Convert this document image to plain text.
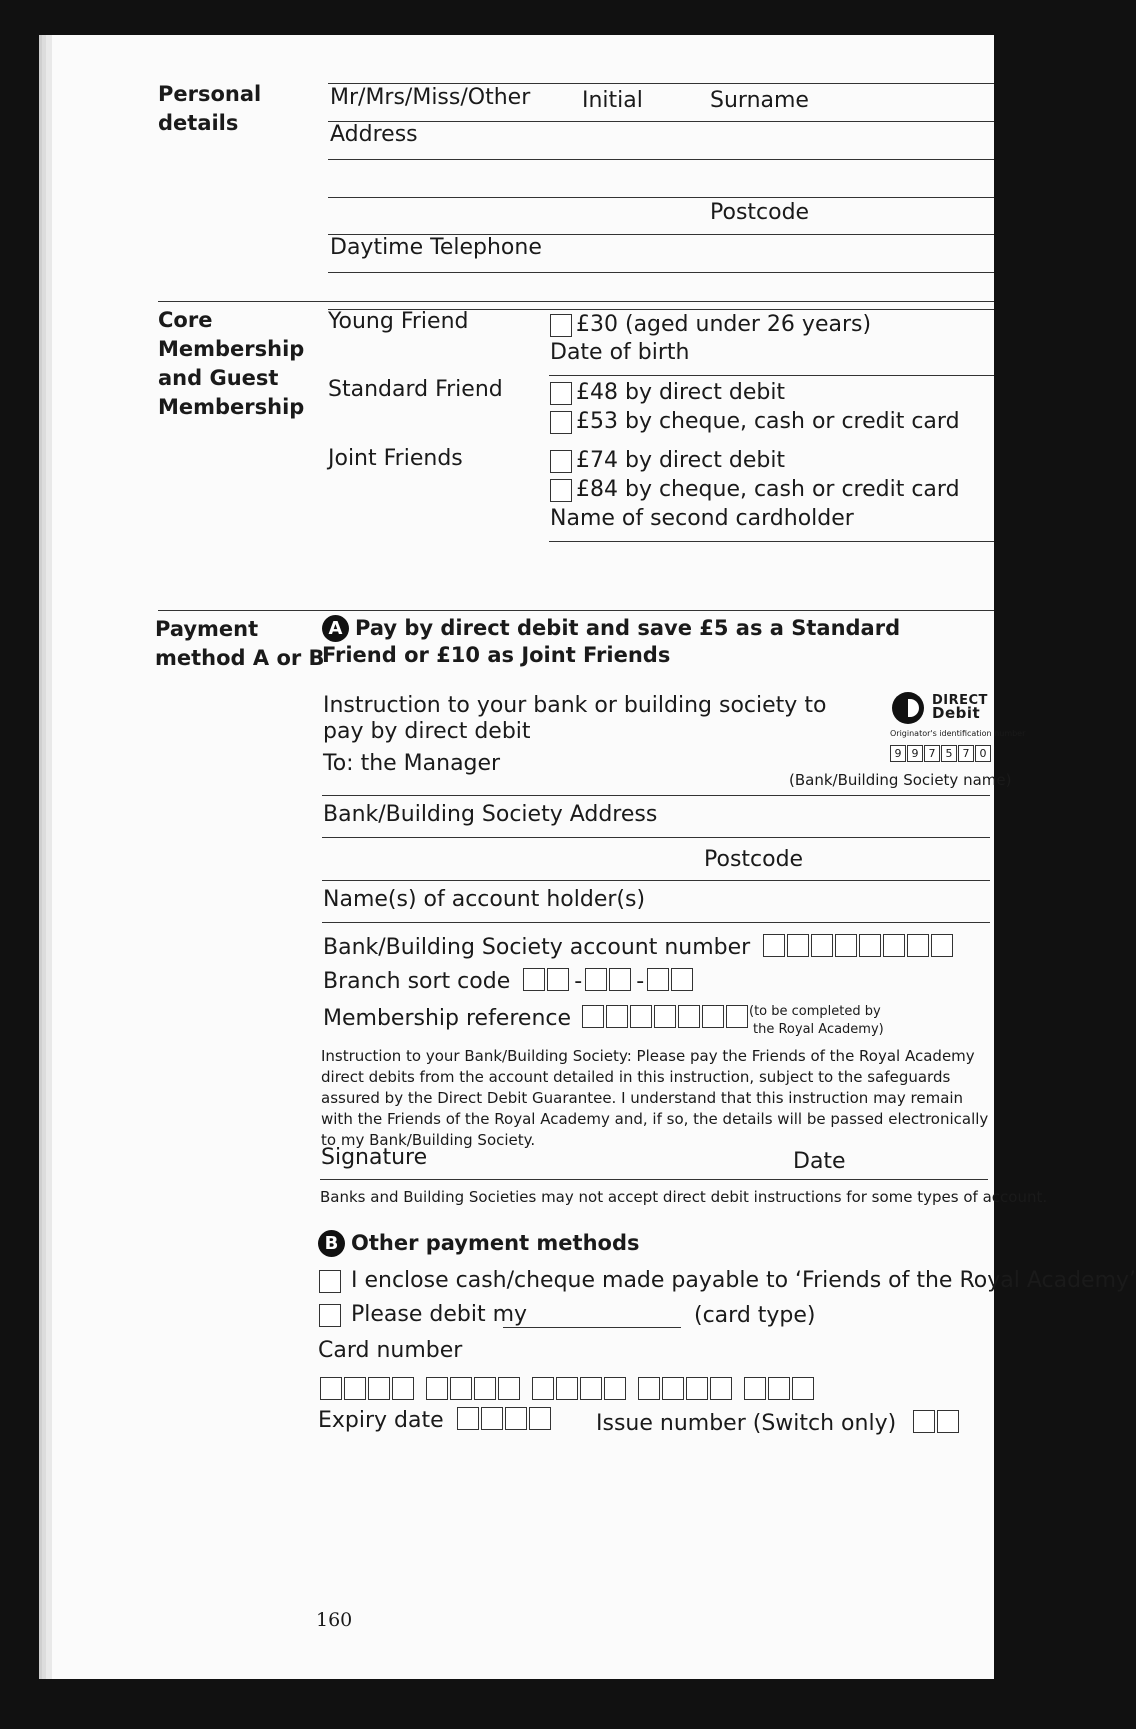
Personal details
Mr/Mrs/Miss/Other Initial	Surname
Address
Postcode
Daytime Telephone
Core Membership and Guest Membership
Young Friend	£30 (aged under 26 years)
Date of birth
Standard Friend	£48 by direct debit
£53 by cheque, cash or credit card
Joint Friends	£74 by direct debit
£84 by cheque, cash or credit card
Name of second cardholder
Payment method A or B
A Pay by direct debit and save £5 as a Standard Friend or £10 as Joint Friends
Instruction to your bank or building society to pay by direct debit
DIRECT
Debit
Originator's identification number
9 9 7 5 7 0
To: the Manager
(Bank/Building Society name)
Bank/Building Society Address
Postcode
Name(s) of account holder(s)
Bank/Building Society account number
Branch sort code	- -
Membership reference	(to be completed by
the Royal Academy)
Instruction to your Bank/Building Society: Please pay the Friends of the Royal Academy direct debits from the account detailed in this instruction, subject to the safeguards assured by the Direct Debit Guarantee. I understand that this instruction may remain with the Friends of the Royal Academy and, if so, the details will be passed electronically to my Bank/Building Society.
Signature	Date
Banks and Building Societies may not accept direct debit instructions for some types of account.
B Other payment methods
I enclose cash/cheque made payable to ‘Friends of the Royal Academy’
Please debit my	(card type)
Card number
Expiry date	Issue number (Switch only)
160
